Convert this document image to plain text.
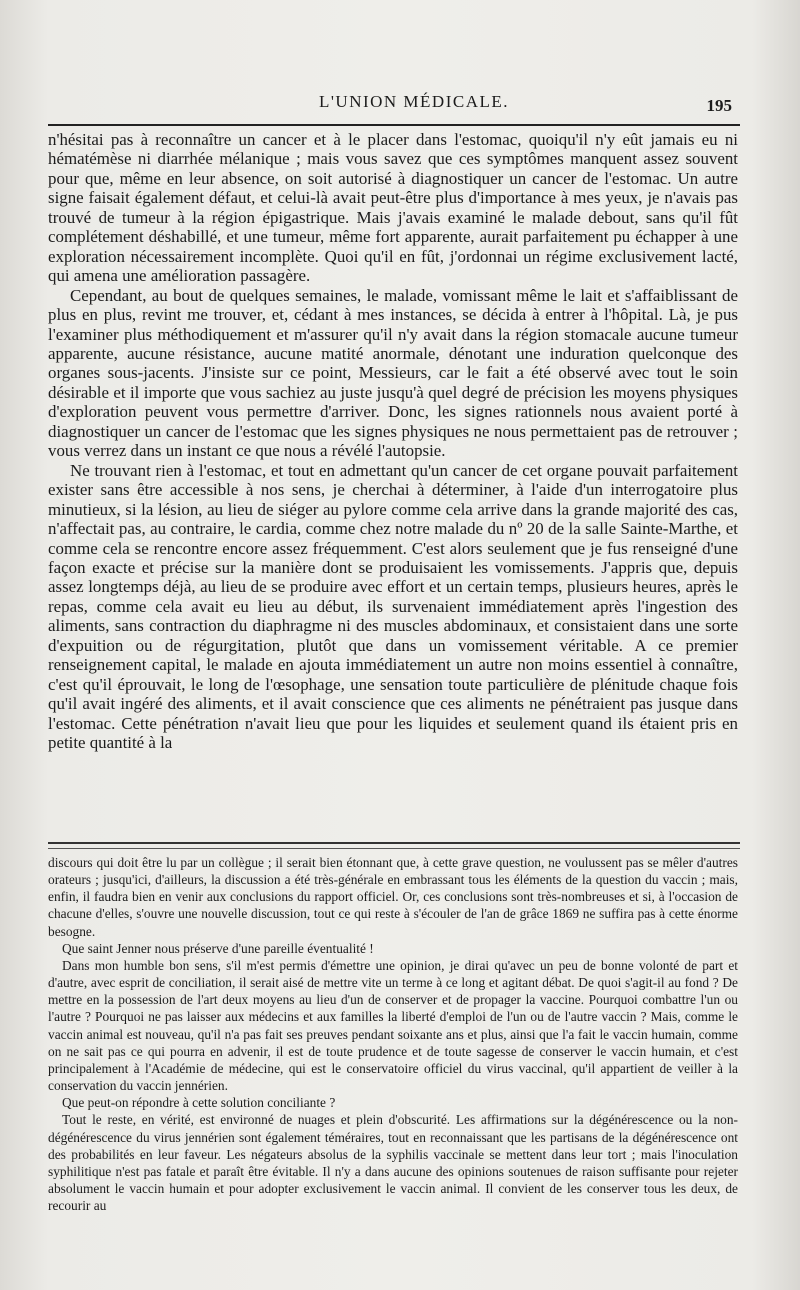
L'UNION MÉDICALE.	195

n'hésitai pas à reconnaître un cancer et à le placer dans l'estomac, quoiqu'il n'y eût jamais eu ni hématémèse ni diarrhée mélanique ; mais vous savez que ces symptômes manquent assez souvent pour que, même en leur absence, on soit autorisé à diagnostiquer un cancer de l'estomac. Un autre signe faisait également défaut, et celui-là avait peut-être plus d'importance à mes yeux, je n'avais pas trouvé de tumeur à la région épigastrique. Mais j'avais examiné le malade debout, sans qu'il fût complétement déshabillé, et une tumeur, même fort apparente, aurait parfaitement pu échapper à une exploration nécessairement incomplète. Quoi qu'il en fût, j'ordonnai un régime exclusivement lacté, qui amena une amélioration passagère.

Cependant, au bout de quelques semaines, le malade, vomissant même le lait et s'affaiblissant de plus en plus, revint me trouver, et, cédant à mes instances, se décida à entrer à l'hôpital. Là, je pus l'examiner plus méthodiquement et m'assurer qu'il n'y avait dans la région stomacale aucune tumeur apparente, aucune résistance, aucune matité anormale, dénotant une induration quelconque des organes sous-jacents. J'insiste sur ce point, Messieurs, car le fait a été observé avec tout le soin désirable et il importe que vous sachiez au juste jusqu'à quel degré de précision les moyens physiques d'exploration peuvent vous permettre d'arriver. Donc, les signes rationnels nous avaient porté à diagnostiquer un cancer de l'estomac que les signes physiques ne nous permettaient pas de retrouver ; vous verrez dans un instant ce que nous a révélé l'autopsie.

Ne trouvant rien à l'estomac, et tout en admettant qu'un cancer de cet organe pouvait parfaitement exister sans être accessible à nos sens, je cherchai à déterminer, à l'aide d'un interrogatoire plus minutieux, si la lésion, au lieu de siéger au pylore comme cela arrive dans la grande majorité des cas, n'affectait pas, au contraire, le cardia, comme chez notre malade du nº 20 de la salle Sainte-Marthe, et comme cela se rencontre encore assez fréquemment. C'est alors seulement que je fus renseigné d'une façon exacte et précise sur la manière dont se produisaient les vomissements. J'appris que, depuis assez longtemps déjà, au lieu de se produire avec effort et un certain temps, plusieurs heures, après le repas, comme cela avait eu lieu au début, ils survenaient immédiatement après l'ingestion des aliments, sans contraction du diaphragme ni des muscles abdominaux, et consistaient dans une sorte d'expuition ou de régurgitation, plutôt que dans un vomissement véritable. A ce premier renseignement capital, le malade en ajouta immédiatement un autre non moins essentiel à connaître, c'est qu'il éprouvait, le long de l'œsophage, une sensation toute particulière de plénitude chaque fois qu'il avait ingéré des aliments, et il avait conscience que ces aliments ne pénétraient pas jusque dans l'estomac. Cette pénétration n'avait lieu que pour les liquides et seulement quand ils étaient pris en petite quantité à la

discours qui doit être lu par un collègue ; il serait bien étonnant que, à cette grave question, ne voulussent pas se mêler d'autres orateurs ; jusqu'ici, d'ailleurs, la discussion a été très-générale en embrassant tous les éléments de la question du vaccin ; mais, enfin, il faudra bien en venir aux conclusions du rapport officiel. Or, ces conclusions sont très-nombreuses et si, à l'occasion de chacune d'elles, s'ouvre une nouvelle discussion, tout ce qui reste à s'écouler de l'an de grâce 1869 ne suffira pas à cette énorme besogne.

Que saint Jenner nous préserve d'une pareille éventualité !

Dans mon humble bon sens, s'il m'est permis d'émettre une opinion, je dirai qu'avec un peu de bonne volonté de part et d'autre, avec esprit de conciliation, il serait aisé de mettre vite un terme à ce long et agitant débat. De quoi s'agit-il au fond ? De mettre en la possession de l'art deux moyens au lieu d'un de conserver et de propager la vaccine. Pourquoi combattre l'un ou l'autre ? Pourquoi ne pas laisser aux médecins et aux familles la liberté d'emploi de l'un ou de l'autre vaccin ? Mais, comme le vaccin animal est nouveau, qu'il n'a pas fait ses preuves pendant soixante ans et plus, ainsi que l'a fait le vaccin humain, comme on ne sait pas ce qui pourra en advenir, il est de toute prudence et de toute sagesse de conserver le vaccin humain, et c'est principalement à l'Académie de médecine, qui est le conservatoire officiel du virus vaccinal, qu'il appartient de veiller à la conservation du vaccin jennérien.

Que peut-on répondre à cette solution conciliante ?

Tout le reste, en vérité, est environné de nuages et plein d'obscurité. Les affirmations sur la dégénérescence ou la non-dégénérescence du virus jennérien sont également téméraires, tout en reconnaissant que les partisans de la dégénérescence ont des probabilités en leur faveur. Les négateurs absolus de la syphilis vaccinale se mettent dans leur tort ; mais l'inoculation syphilitique n'est pas fatale et paraît être évitable. Il n'y a dans aucune des opinions soutenues de raison suffisante pour rejeter absolument le vaccin humain et pour adopter exclusivement le vaccin animal. Il convient de les conserver tous les deux, de recourir au
